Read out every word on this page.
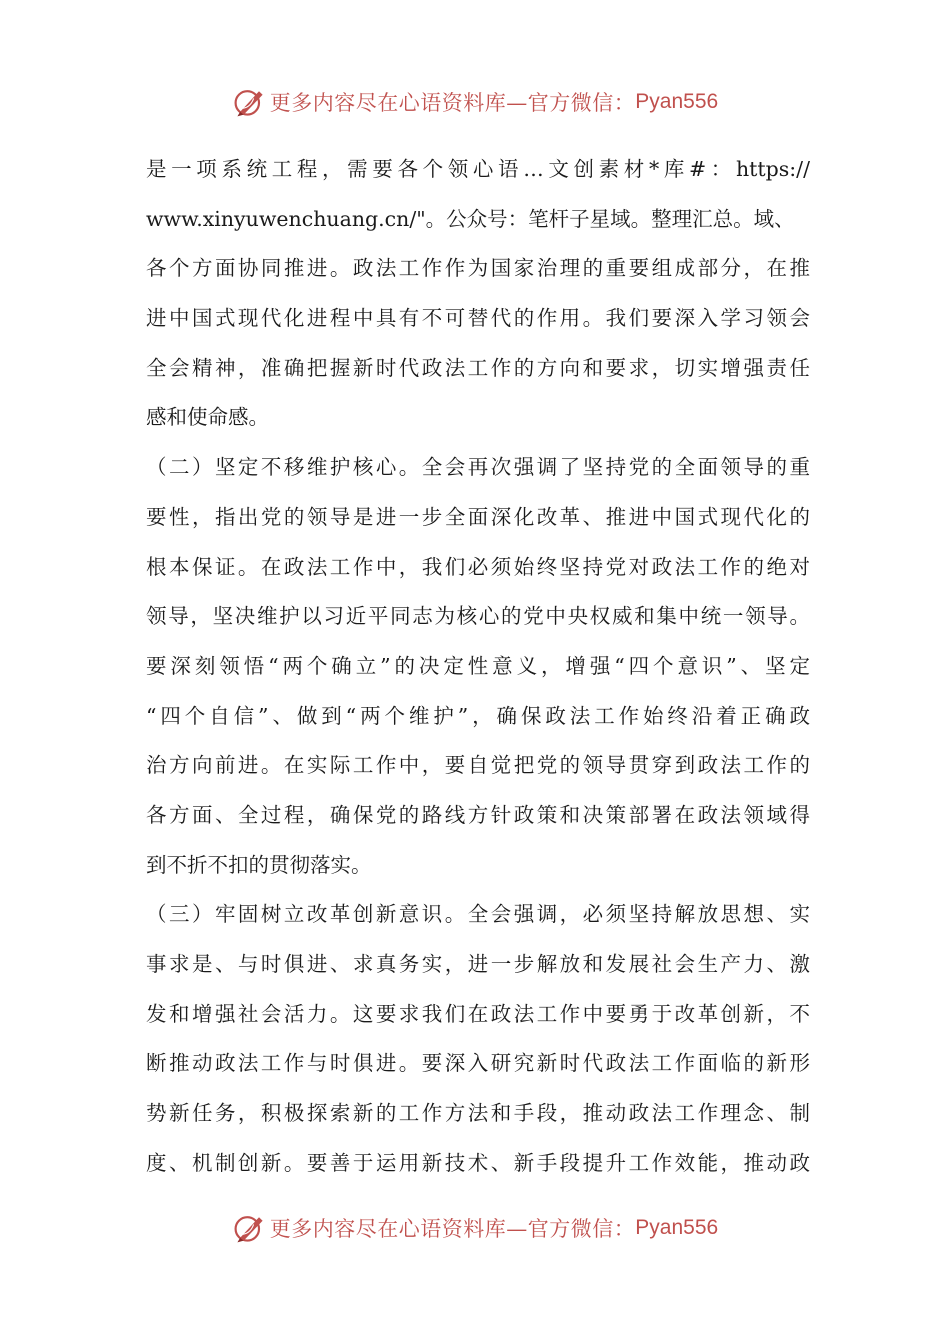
更多内容尽在心语资料库—官方微信： Pyan556
是一项系统工程，需要各个领心语…文创素材*库#：https://
www.xinyuwenchuang.cn/"。公众号：笔杆子星域。整理汇总。域、
各个方面协同推进。政法工作作为国家治理的重要组成部分，在推
进中国式现代化进程中具有不可替代的作用。我们要深入学习领会
全会精神，准确把握新时代政法工作的方向和要求，切实增强责任
感和使命感。
（二）坚定不移维护核心。全会再次强调了坚持党的全面领导的重
要性，指出党的领导是进一步全面深化改革、推进中国式现代化的
根本保证。在政法工作中，我们必须始终坚持党对政法工作的绝对
领导，坚决维护以习近平同志为核心的党中央权威和集中统一领导。
要深刻领悟“两个确立”的决定性意义，增强“四个意识”、坚定
“四个自信”、做到“两个维护”，确保政法工作始终沿着正确政
治方向前进。在实际工作中，要自觉把党的领导贯穿到政法工作的
各方面、全过程，确保党的路线方针政策和决策部署在政法领域得
到不折不扣的贯彻落实。
（三）牢固树立改革创新意识。全会强调，必须坚持解放思想、实
事求是、与时俱进、求真务实，进一步解放和发展社会生产力、激
发和增强社会活力。这要求我们在政法工作中要勇于改革创新，不
断推动政法工作与时俱进。要深入研究新时代政法工作面临的新形
势新任务，积极探索新的工作方法和手段，推动政法工作理念、制
度、机制创新。要善于运用新技术、新手段提升工作效能，推动政
更多内容尽在心语资料库—官方微信： Pyan556
